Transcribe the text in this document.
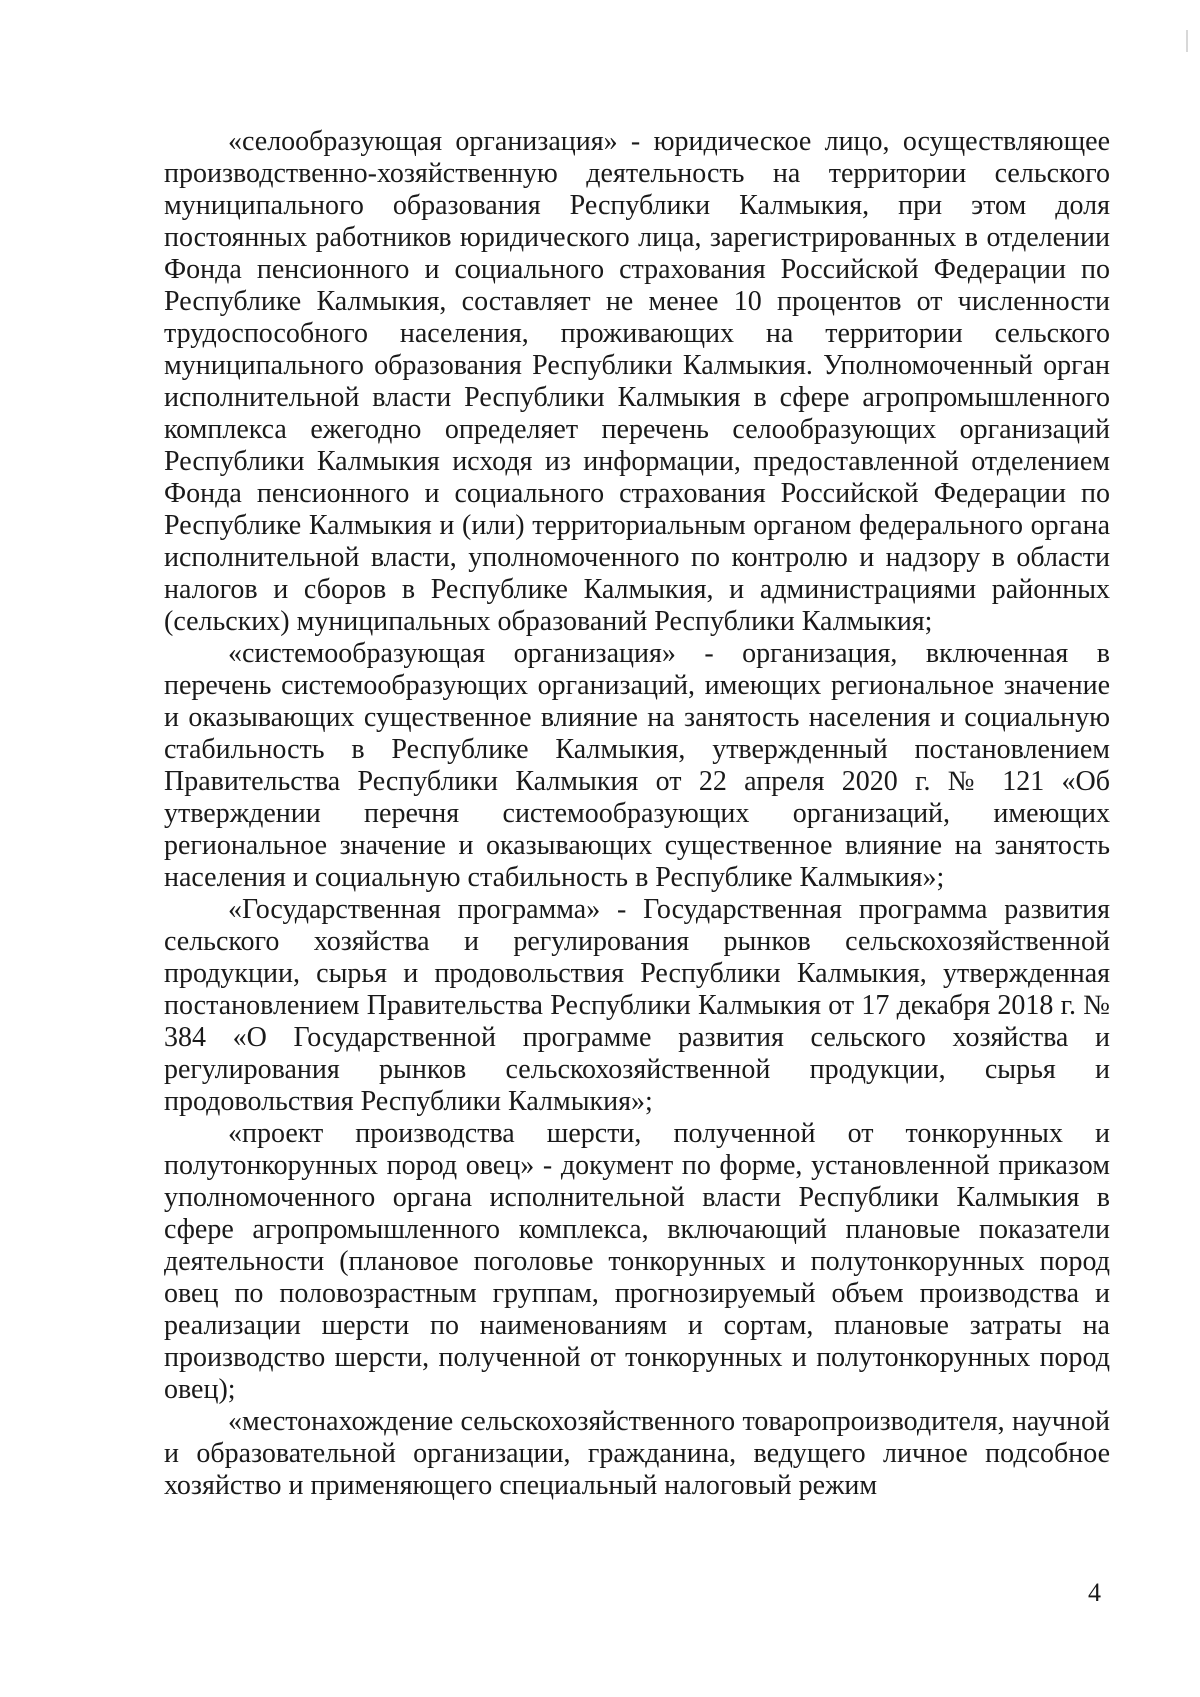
«селообразующая организация» - юридическое лицо, осуществляющее производственно-хозяйственную деятельность на территории сельского муниципального образования Республики Калмыкия, при этом доля постоянных работников юридического лица, зарегистрированных в отделении Фонда пенсионного и социального страхования Российской Федерации по Республике Калмыкия, составляет не менее 10 процентов от численности трудоспособного населения, проживающих на территории сельского муниципального образования Республики Калмыкия. Уполномоченный орган исполнительной власти Республики Калмыкия в сфере агропромышленного комплекса ежегодно определяет перечень селообразующих организаций Республики Калмыкия исходя из информации, предоставленной отделением Фонда пенсионного и социального страхования Российской Федерации по Республике Калмыкия и (или) территориальным органом федерального органа исполнительной власти, уполномоченного по контролю и надзору в области налогов и сборов в Республике Калмыкия, и администрациями районных (сельских) муниципальных образований Республики Калмыкия;

«системообразующая организация» - организация, включенная в перечень системообразующих организаций, имеющих региональное значение и оказывающих существенное влияние на занятость населения и социальную стабильность в Республике Калмыкия, утвержденный постановлением Правительства Республики Калмыкия от 22 апреля 2020 г. № 121 «Об утверждении перечня системообразующих организаций, имеющих региональное значение и оказывающих существенное влияние на занятость населения и социальную стабильность в Республике Калмыкия»;

«Государственная программа» - Государственная программа развития сельского хозяйства и регулирования рынков сельскохозяйственной продукции, сырья и продовольствия Республики Калмыкия, утвержденная постановлением Правительства Республики Калмыкия от 17 декабря 2018 г. № 384 «О Государственной программе развития сельского хозяйства и регулирования рынков сельскохозяйственной продукции, сырья и продовольствия Республики Калмыкия»;

«проект производства шерсти, полученной от тонкорунных и полутонкорунных пород овец» - документ по форме, установленной приказом уполномоченного органа исполнительной власти Республики Калмыкия в сфере агропромышленного комплекса, включающий плановые показатели деятельности (плановое поголовье тонкорунных и полутонкорунных пород овец по половозрастным группам, прогнозируемый объем производства и реализации шерсти по наименованиям и сортам, плановые затраты на производство шерсти, полученной от тонкорунных и полутонкорунных пород овец);

«местонахождение сельскохозяйственного товаропроизводителя, научной и образовательной организации, гражданина, ведущего личное подсобное хозяйство и применяющего специальный налоговый режим

4
